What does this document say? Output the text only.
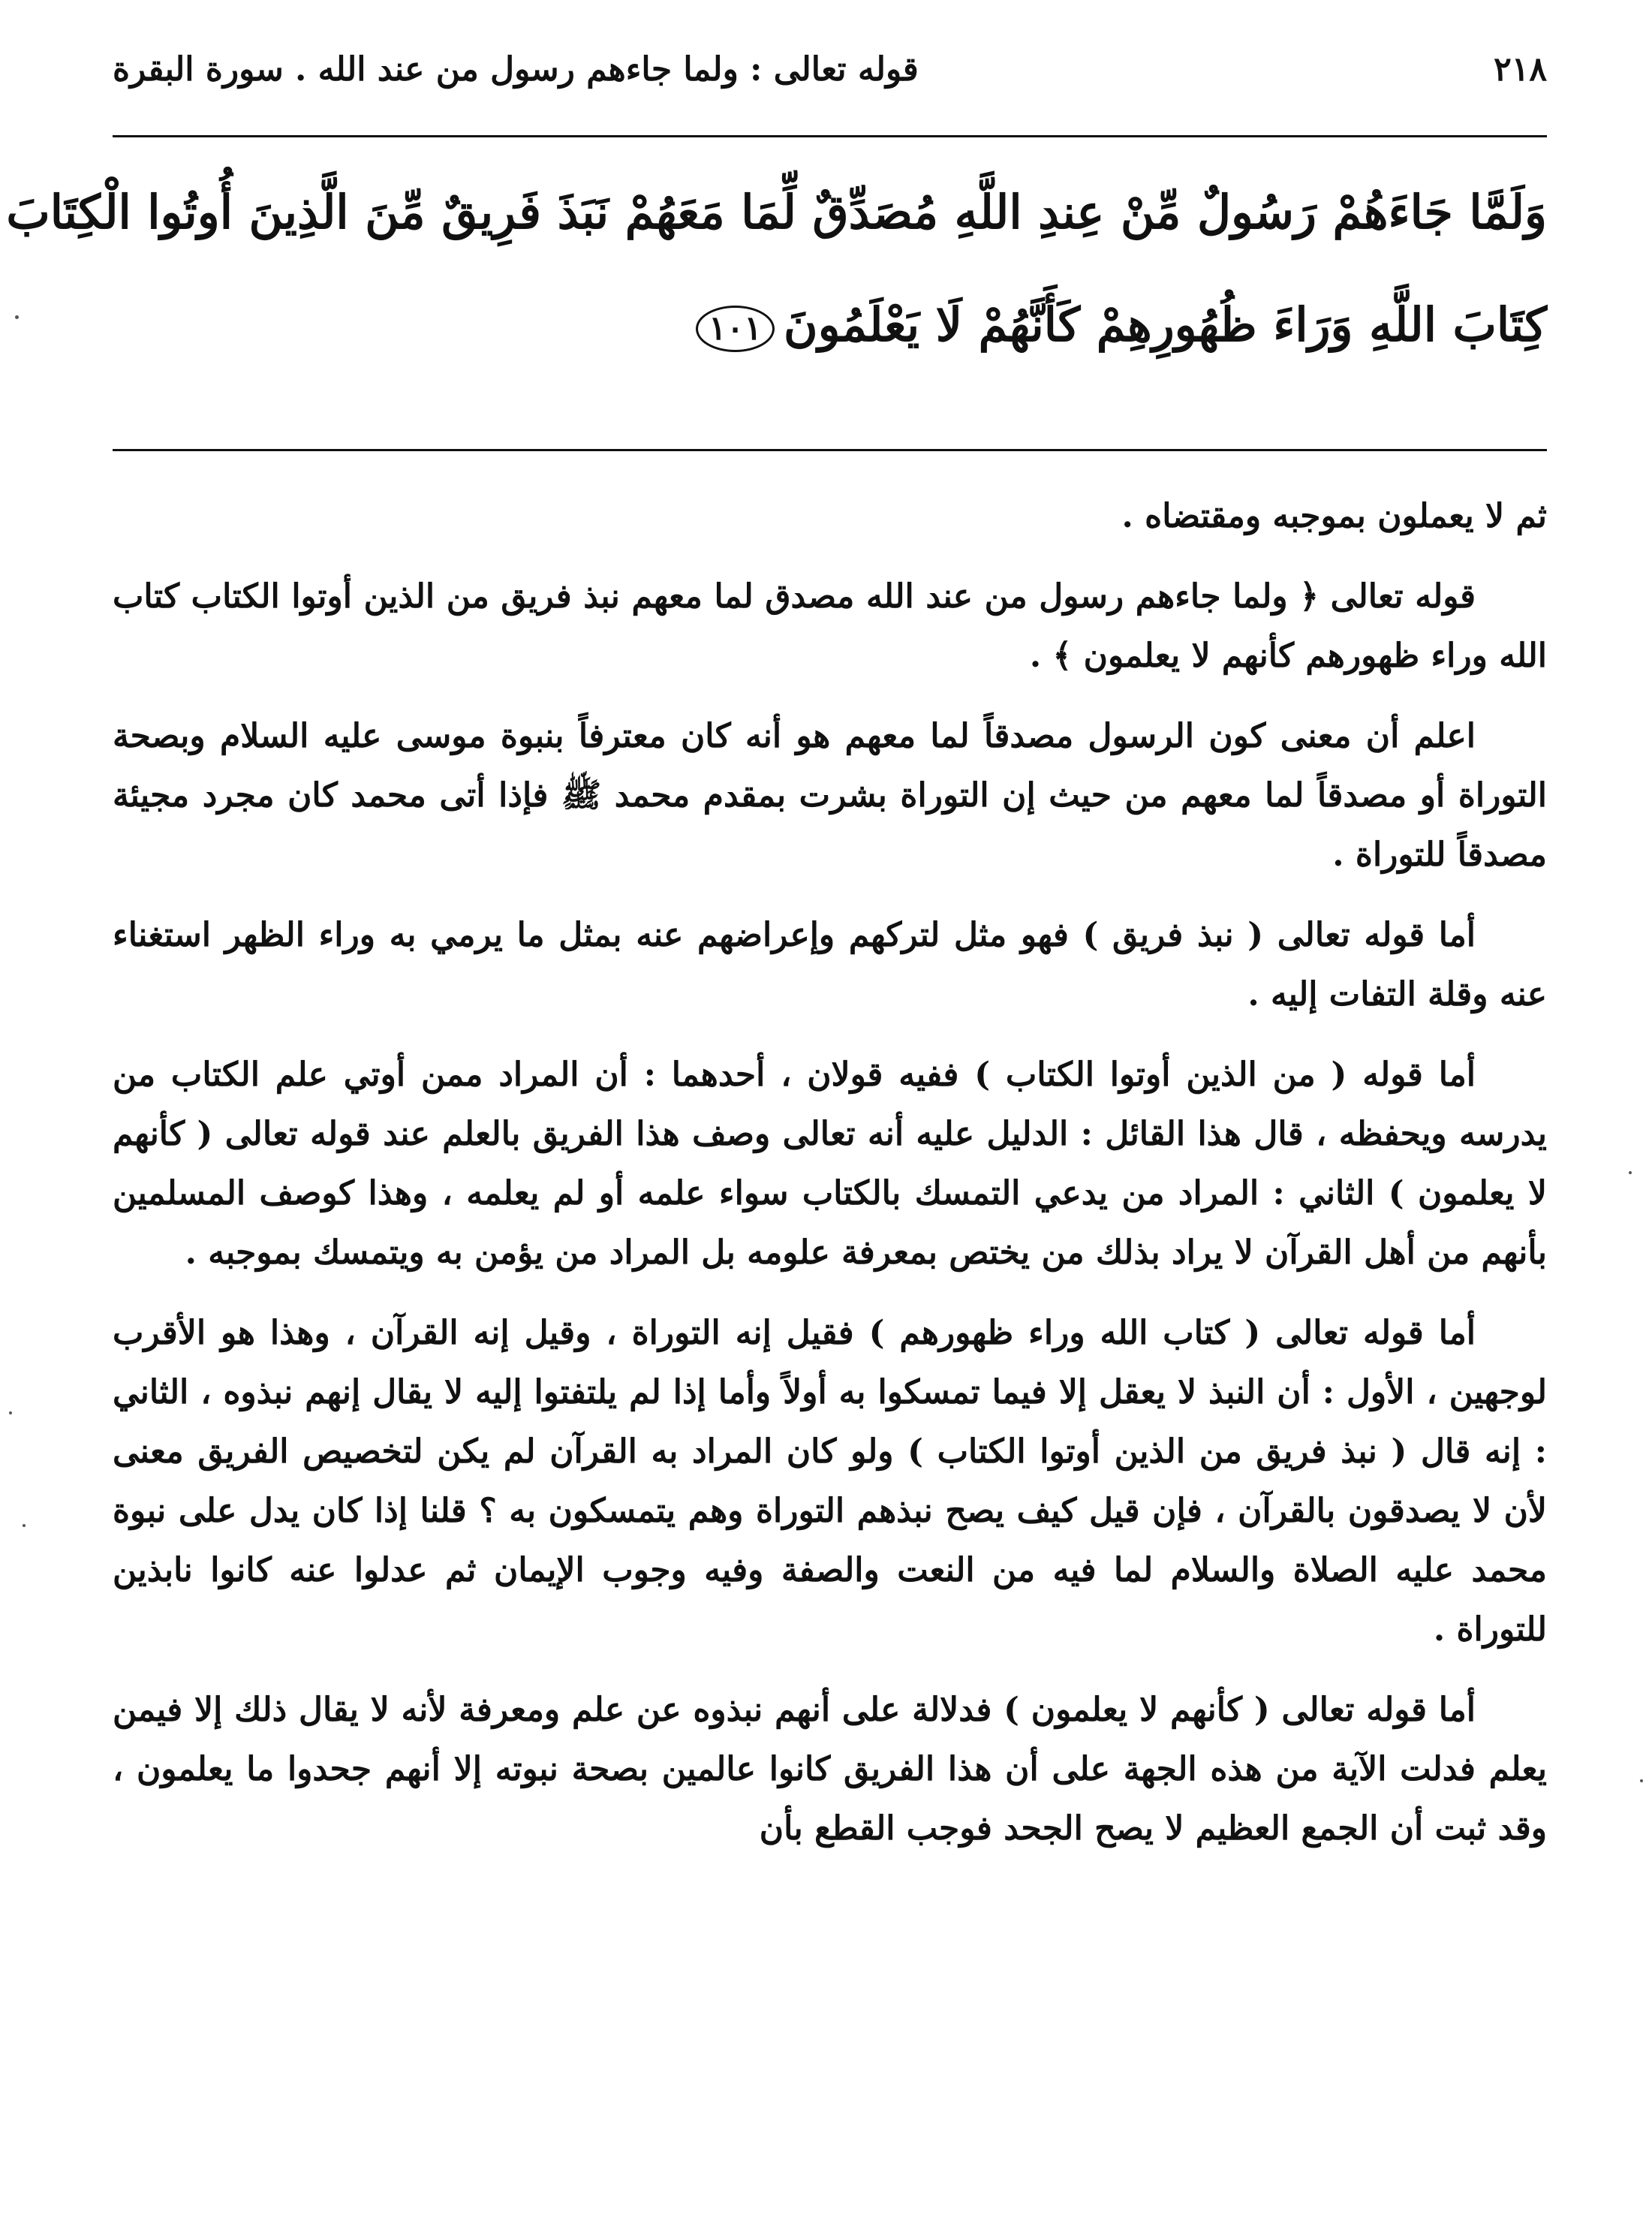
٢١٨
قوله تعالى : ولما جاءهم رسول من عند الله . سورة البقرة
وَلَمَّا جَاءَهُمْ رَسُولٌ مِّنْ عِندِ اللَّهِ مُصَدِّقٌ لِّمَا مَعَهُمْ نَبَذَ فَرِيقٌ مِّنَ الَّذِينَ أُوتُوا الْكِتَابَ
كِتَابَ اللَّهِ وَرَاءَ ظُهُورِهِمْ كَأَنَّهُمْ لَا يَعْلَمُونَ١٠١

ثم لا يعملون بموجبه ومقتضاه .

قوله تعالى ﴿ ولما جاءهم رسول من عند الله مصدق لما معهم نبذ فريق من الذين أوتوا الكتاب كتاب الله وراء ظهورهم كأنهم لا يعلمون ﴾ .

اعلم أن معنى كون الرسول مصدقاً لما معهم هو أنه كان معترفاً بنبوة موسى عليه السلام وبصحة التوراة أو مصدقاً لما معهم من حيث إن التوراة بشرت بمقدم محمد ﷺ فإذا أتى محمد كان مجرد مجيئة مصدقاً للتوراة .

أما قوله تعالى ( نبذ فريق ) فهو مثل لتركهم وإعراضهم عنه بمثل ما يرمي به وراء الظهر استغناء عنه وقلة التفات إليه .

أما قوله ( من الذين أوتوا الكتاب ) ففيه قولان ، أحدهما : أن المراد ممن أوتي علم الكتاب من يدرسه ويحفظه ، قال هذا القائل : الدليل عليه أنه تعالى وصف هذا الفريق بالعلم عند قوله تعالى ( كأنهم لا يعلمون ) الثاني : المراد من يدعي التمسك بالكتاب سواء علمه أو لم يعلمه ، وهذا كوصف المسلمين بأنهم من أهل القرآن لا يراد بذلك من يختص بمعرفة علومه بل المراد من يؤمن به ويتمسك بموجبه .

أما قوله تعالى ( كتاب الله وراء ظهورهم ) فقيل إنه التوراة ، وقيل إنه القرآن ، وهذا هو الأقرب لوجهين ، الأول : أن النبذ لا يعقل إلا فيما تمسكوا به أولاً وأما إذا لم يلتفتوا إليه لا يقال إنهم نبذوه ، الثاني : إنه قال ( نبذ فريق من الذين أوتوا الكتاب ) ولو كان المراد به القرآن لم يكن لتخصيص الفريق معنى لأن لا يصدقون بالقرآن ، فإن قيل كيف يصح نبذهم التوراة وهم يتمسكون به ؟ قلنا إذا كان يدل على نبوة محمد عليه الصلاة والسلام لما فيه من النعت والصفة وفيه وجوب الإيمان ثم عدلوا عنه كانوا نابذين للتوراة .

أما قوله تعالى ( كأنهم لا يعلمون ) فدلالة على أنهم نبذوه عن علم ومعرفة لأنه لا يقال ذلك إلا فيمن يعلم فدلت الآية من هذه الجهة على أن هذا الفريق كانوا عالمين بصحة نبوته إلا أنهم جحدوا ما يعلمون ، وقد ثبت أن الجمع العظيم لا يصح الجحد فوجب القطع بأن
